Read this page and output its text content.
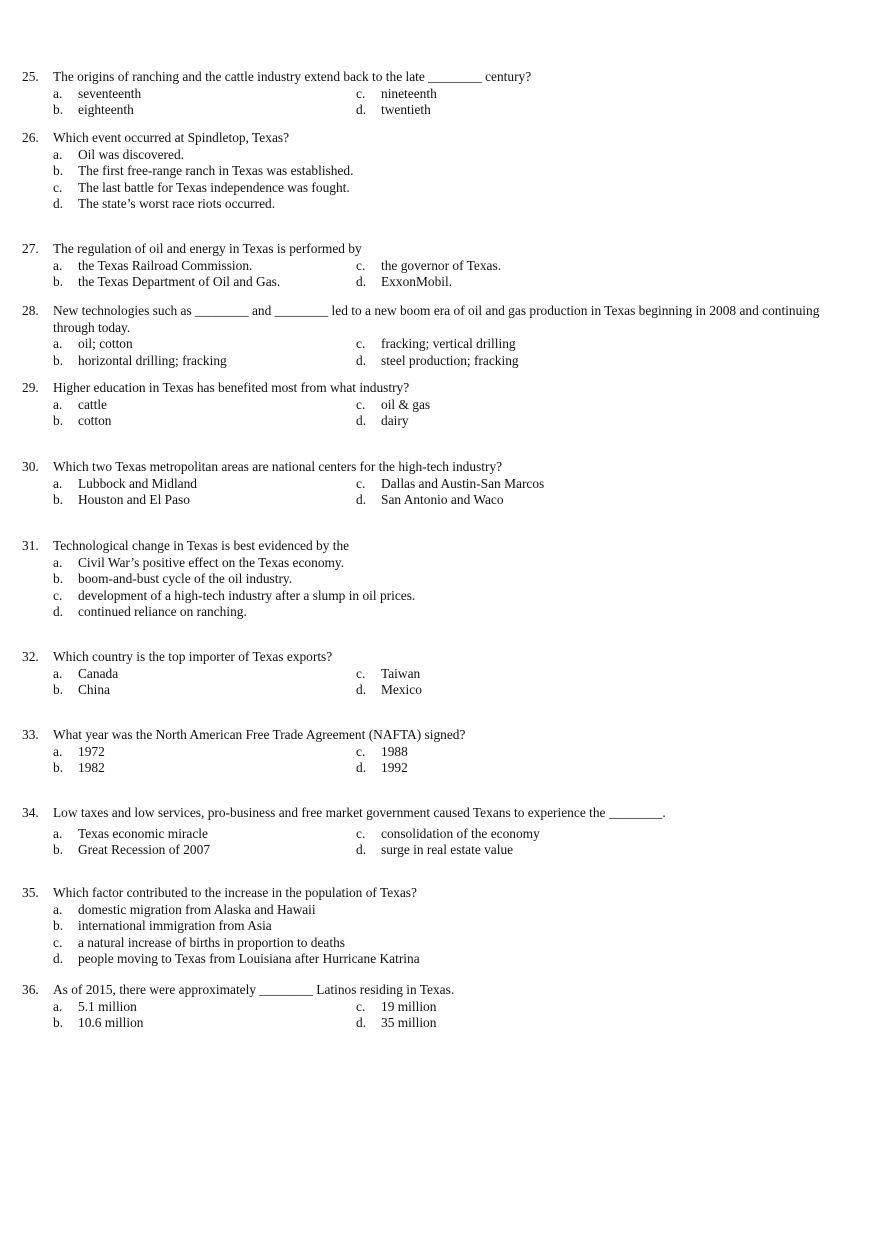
25.	The origins of ranching and the cattle industry extend back to the late ________ century?
a.	seventeenth	c.	nineteenth
b.	eighteenth	d.	twentieth
26.	Which event occurred at Spindletop, Texas?
a.	Oil was discovered.
b.	The first free-range ranch in Texas was established.
c.	The last battle for Texas independence was fought.
d.	The state’s worst race riots occurred.
27.	The regulation of oil and energy in Texas is performed by
a.	the Texas Railroad Commission.	c.	the governor of Texas.
b.	the Texas Department of Oil and Gas.	d.	ExxonMobil.
28.	New technologies such as ________ and ________ led to a new boom era of oil and gas production in Texas beginning in 2008 and continuing through today.
a.	oil; cotton	c.	fracking; vertical drilling
b.	horizontal drilling; fracking	d.	steel production; fracking
29.	Higher education in Texas has benefited most from what industry?
a.	cattle	c.	oil & gas
b.	cotton	d.	dairy
30.	Which two Texas metropolitan areas are national centers for the high-tech industry?
a.	Lubbock and Midland	c.	Dallas and Austin-San Marcos
b.	Houston and El Paso	d.	San Antonio and Waco
31.	Technological change in Texas is best evidenced by the
a.	Civil War’s positive effect on the Texas economy.
b.	boom-and-bust cycle of the oil industry.
c.	development of a high-tech industry after a slump in oil prices.
d.	continued reliance on ranching.
32.	Which country is the top importer of Texas exports?
a.	Canada	c.	Taiwan
b.	China	d.	Mexico
33.	What year was the North American Free Trade Agreement (NAFTA) signed?
a.	1972	c.	1988
b.	1982	d.	1992
34.	Low taxes and low services, pro-business and free market government caused Texans to experience the ________.
a.	Texas economic miracle	c.	consolidation of the economy
b.	Great Recession of 2007	d.	surge in real estate value
35.	Which factor contributed to the increase in the population of Texas?
a.	domestic migration from Alaska and Hawaii
b.	international immigration from Asia
c.	a natural increase of births in proportion to deaths
d.	people moving to Texas from Louisiana after Hurricane Katrina
36.	As of 2015, there were approximately ________ Latinos residing in Texas.
a.	5.1 million	c.	19 million
b.	10.6 million	d.	35 million
